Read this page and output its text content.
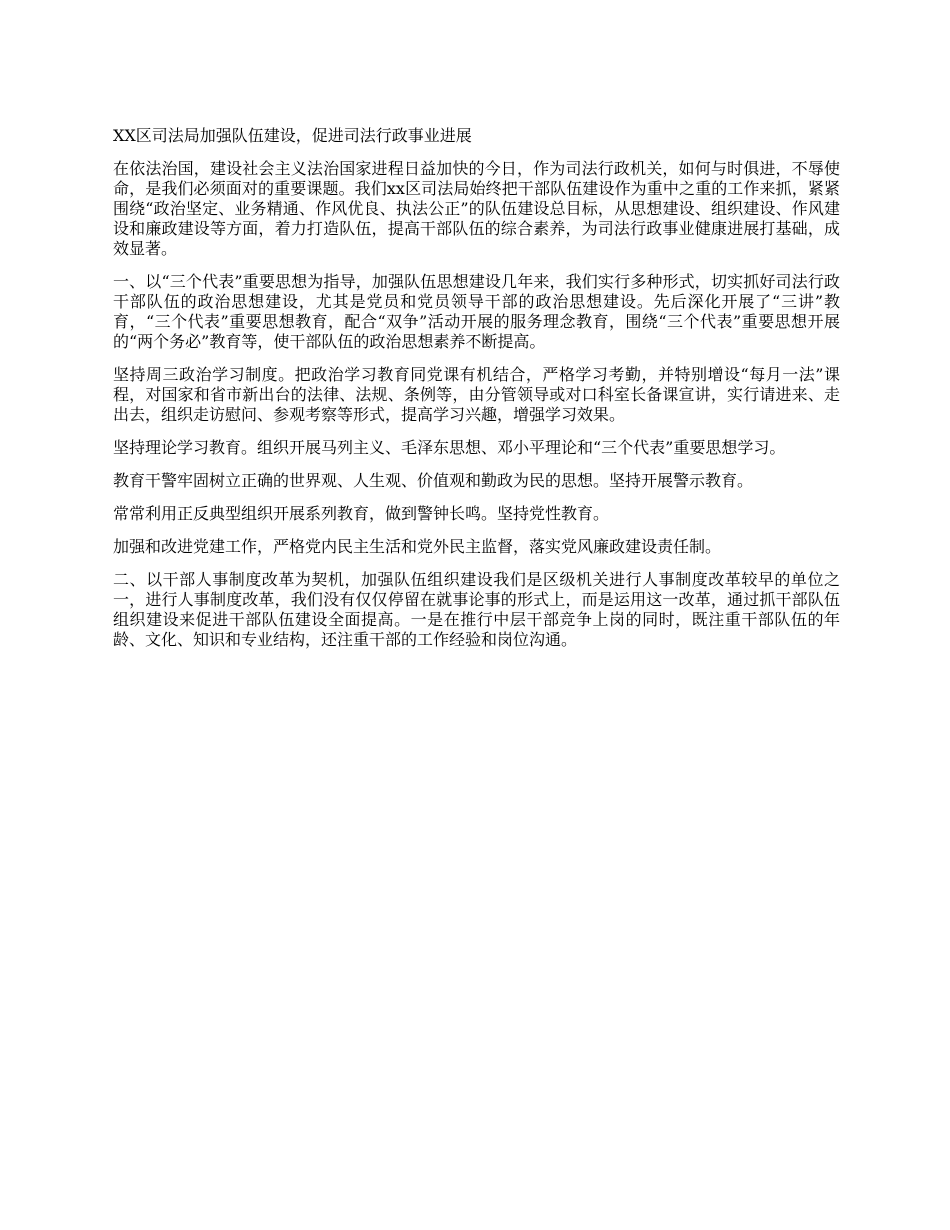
XX区司法局加强队伍建设，促进司法行政事业进展

在依法治国，建设社会主义法治国家进程日益加快的今日，作为司法行政机关，如何与时俱进，不辱使命，是我们必须面对的重要课题。我们xx区司法局始终把干部队伍建设作为重中之重的工作来抓，紧紧围绕“政治坚定、业务精通、作风优良、执法公正”的队伍建设总目标，从思想建设、组织建设、作风建设和廉政建设等方面，着力打造队伍，提高干部队伍的综合素养，为司法行政事业健康进展打基础，成效显著。

一、以“三个代表”重要思想为指导，加强队伍思想建设几年来，我们实行多种形式，切实抓好司法行政干部队伍的政治思想建设，尤其是党员和党员领导干部的政治思想建设。先后深化开展了“三讲”教育，“三个代表”重要思想教育，配合“双争”活动开展的服务理念教育，围绕“三个代表”重要思想开展的“两个务必”教育等，使干部队伍的政治思想素养不断提高。

坚持周三政治学习制度。把政治学习教育同党课有机结合，严格学习考勤，并特别增设“每月一法”课程，对国家和省市新出台的法律、法规、条例等，由分管领导或对口科室长备课宣讲，实行请进来、走出去，组织走访慰问、参观考察等形式，提高学习兴趣，增强学习效果。

坚持理论学习教育。组织开展马列主义、毛泽东思想、邓小平理论和“三个代表”重要思想学习。

教育干警牢固树立正确的世界观、人生观、价值观和勤政为民的思想。坚持开展警示教育。

常常利用正反典型组织开展系列教育，做到警钟长鸣。坚持党性教育。

加强和改进党建工作，严格党内民主生活和党外民主监督，落实党风廉政建设责任制。

二、以干部人事制度改革为契机，加强队伍组织建设我们是区级机关进行人事制度改革较早的单位之一，进行人事制度改革，我们没有仅仅停留在就事论事的形式上，而是运用这一改革，通过抓干部队伍组织建设来促进干部队伍建设全面提高。一是在推行中层干部竞争上岗的同时，既注重干部队伍的年龄、文化、知识和专业结构，还注重干部的工作经验和岗位沟通。
